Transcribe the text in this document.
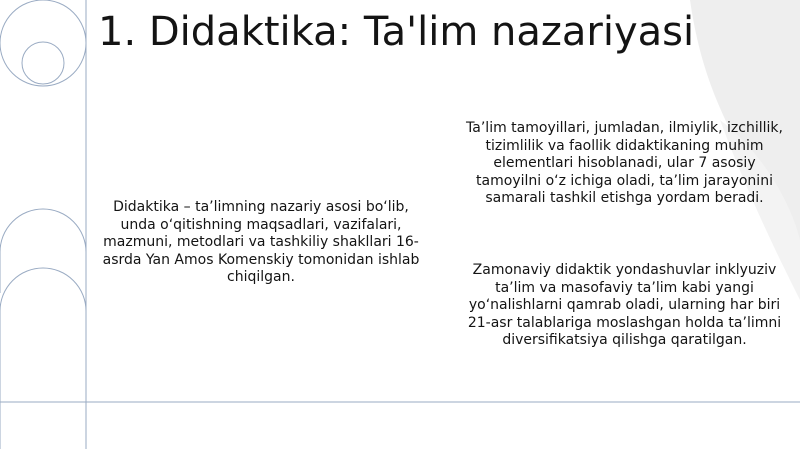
1. Didaktika: Ta'lim nazariyasi

Didaktika – ta’limning nazariy asosi bo‘lib, unda o‘qitishning maqsadlari, vazifalari, mazmuni, metodlari va tashkiliy shakllari 16-asrda Yan Amos Komenskiy tomonidan ishlab chiqilgan.

Ta’lim tamoyillari, jumladan, ilmiylik, izchillik, tizimlilik va faollik didaktikaning muhim elementlari hisoblanadi, ular 7 asosiy tamoyilni o‘z ichiga oladi, ta’lim jarayonini samarali tashkil etishga yordam beradi.

Zamonaviy didaktik yondashuvlar inklyuziv ta’lim va masofaviy ta’lim kabi yangi yo‘nalishlarni qamrab oladi, ularning har biri 21-asr talablariga moslashgan holda ta’limni diversifikatsiya qilishga qaratilgan.
